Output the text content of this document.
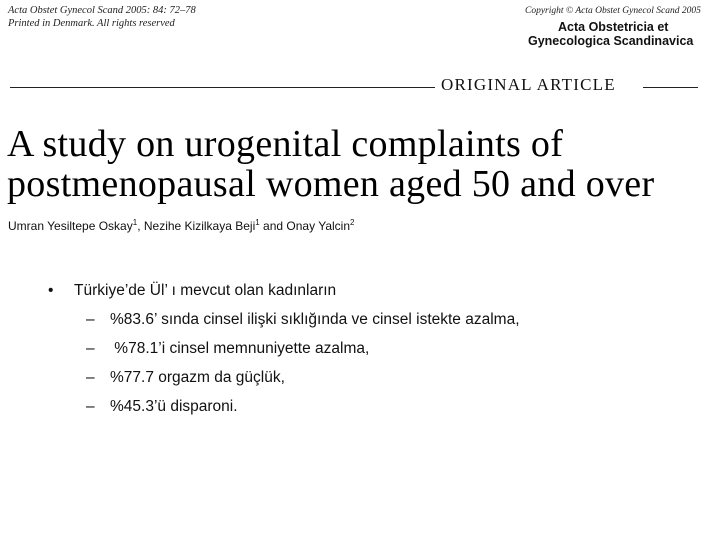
Acta Obstet Gynecol Scand 2005: 84: 72–78
Printed in Denmark. All rights reserved
Copyright © Acta Obstet Gynecol Scand 2005
Acta Obstetricia et
Gynecologica Scandinavica
ORIGINAL ARTICLE
A study on urogenital complaints of
postmenopausal women aged 50 and over
Umran Yesiltepe Oskay$^1$, Nezihe Kizilkaya Beji$^1$ and Onay Yalcin$^2$
•	Türkiye’de Ül’ ı mevcut olan kadınların
– %83.6’ sında cinsel ilişki sıklığında ve cinsel istekte azalma,
– %78.1’i cinsel memnuniyette azalma,
– %77.7 orgazm da güçlük,
– %45.3’ü disparoni.
